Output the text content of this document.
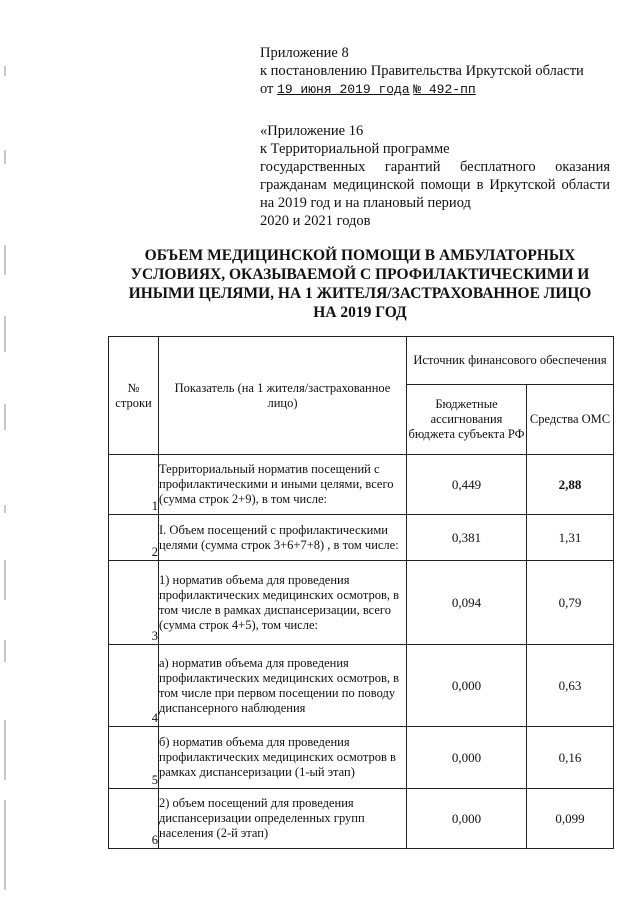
Приложение 8

к постановлению Правительства Иркутской области

от 19 июня 2019 года № 492-пп

«Приложение 16

к Территориальной программе

государственных гарантий бесплатного оказания гражданам медицинской помощи в Иркутской области на 2019 год и на плановый период

2020 и 2021 годов

ОБЪЕМ МЕДИЦИНСКОЙ ПОМОЩИ В АМБУЛАТОРНЫХ УСЛОВИЯХ, ОКАЗЫВАЕМОЙ С ПРОФИЛАКТИЧЕСКИМИ И ИНЫМИ ЦЕЛЯМИ, НА 1 ЖИТЕЛЯ/ЗАСТРАХОВАННОЕ ЛИЦО НА 2019 ГОД
№ строки	Показатель (на 1 жителя/застрахованное лицо)	Источник финансового обеспечения	
		Бюджетные ассигнования бюджета субъекта РФ	Средства ОМС
1	Территориальный норматив посещений с профилактическими и иными целями, всего (сумма строк 2+9), в том числе:	0,449	2,88
2	I. Объем посещений с профилактическими целями (сумма строк 3+6+7+8) , в том числе:	0,381	1,31
3	1) норматив объема для проведения профилактических медицинских осмотров, в том числе в рамках диспансеризации, всего (сумма строк 4+5), том числе:	0,094	0,79
4	а) норматив объема для проведения профилактических медицинских осмотров, в том числе при первом посещении по поводу диспансерного наблюдения	0,000	0,63
5	б) норматив объема для проведения профилактических медицинских осмотров в рамках диспансеризации (1-ый этап)	0,000	0,16
6	2) объем посещений для проведения диспансеризации определенных групп населения (2-й этап)	0,000	0,099
